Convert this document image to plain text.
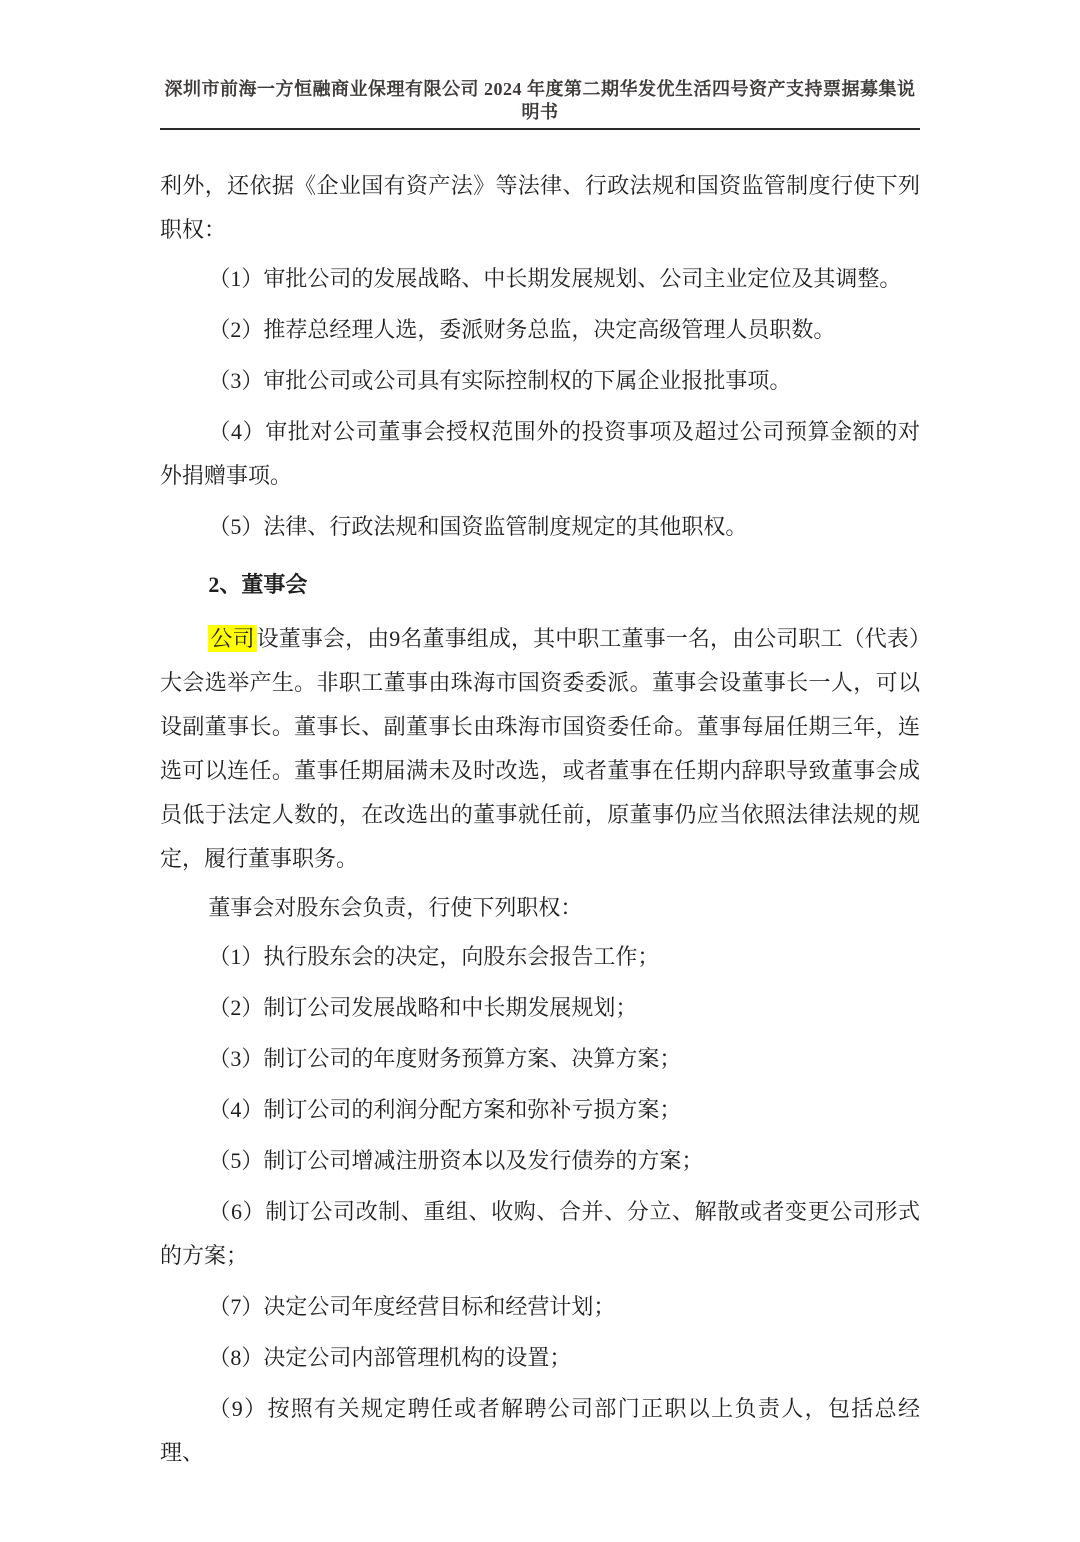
深圳市前海一方恒融商业保理有限公司 2024 年度第二期华发优生活四号资产支持票据募集说明书

利外，还依据《企业国有资产法》等法律、行政法规和国资监管制度行使下列职权：

（1）审批公司的发展战略、中长期发展规划、公司主业定位及其调整。

（2）推荐总经理人选，委派财务总监，决定高级管理人员职数。

（3）审批公司或公司具有实际控制权的下属企业报批事项。

（4）审批对公司董事会授权范围外的投资事项及超过公司预算金额的对外捐赠事项。

（5）法律、行政法规和国资监管制度规定的其他职权。

2、董事会

公司设董事会，由9名董事组成，其中职工董事一名，由公司职工（代表）大会选举产生。非职工董事由珠海市国资委委派。董事会设董事长一人，可以设副董事长。董事长、副董事长由珠海市国资委任命。董事每届任期三年，连选可以连任。董事任期届满未及时改选，或者董事在任期内辞职导致董事会成员低于法定人数的，在改选出的董事就任前，原董事仍应当依照法律法规的规定，履行董事职务。

董事会对股东会负责，行使下列职权：

（1）执行股东会的决定，向股东会报告工作；

（2）制订公司发展战略和中长期发展规划；

（3）制订公司的年度财务预算方案、决算方案；

（4）制订公司的利润分配方案和弥补亏损方案；

（5）制订公司增减注册资本以及发行债券的方案；

（6）制订公司改制、重组、收购、合并、分立、解散或者变更公司形式的方案；

（7）决定公司年度经营目标和经营计划；

（8）决定公司内部管理机构的设置；

（9）按照有关规定聘任或者解聘公司部门正职以上负责人，包括总经理、
